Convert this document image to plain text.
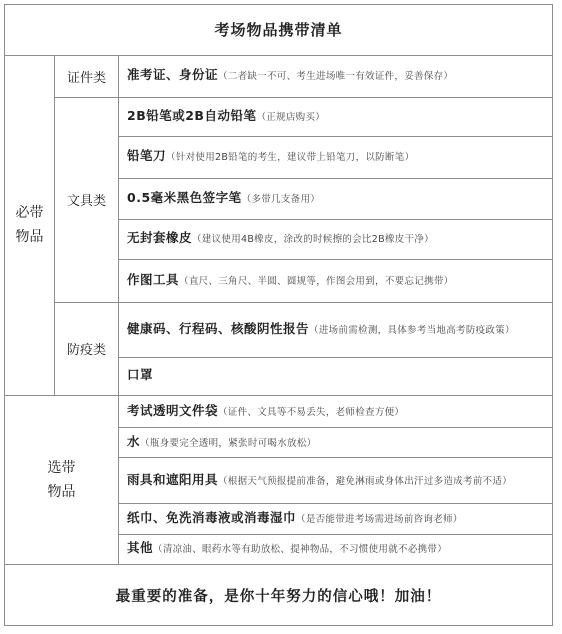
考场物品携带清单		

必带
物品	证件类	准考证、身份证（二者缺一不可、考生进场唯一有效证件，妥善保存）
	文具类	2B铅笔或2B自动铅笔（正规店购买）
		铅笔刀（针对使用2B铅笔的考生，建议带上铅笔刀，以防断笔）
		0.5毫米黑色签字笔（多带几支备用）
		无封套橡皮（建议使用4B橡皮，涂改的时候擦的会比2B橡皮干净）
		作图工具（直尺、三角尺、半圆、圆规等，作图会用到，不要忘记携带）
	防疫类	健康码、行程码、核酸阴性报告（进场前需检测，具体参考当地高考防疫政策）
		口罩

选带
物品		考试透明文件袋（证件、文具等不易丢失，老师检查方便）
		水（瓶身要完全透明，紧张时可喝水放松）
		雨具和遮阳用具（根据天气预报提前准备，避免淋雨或身体出汗过多造成考前不适）
		纸巾、免洗消毒液或消毒湿巾（是否能带进考场需进场前咨询老师）
		其他（清凉油、眼药水等有助放松、提神物品，不习惯使用就不必携带）
最重要的准备，是你十年努力的信心哦！加油！		
